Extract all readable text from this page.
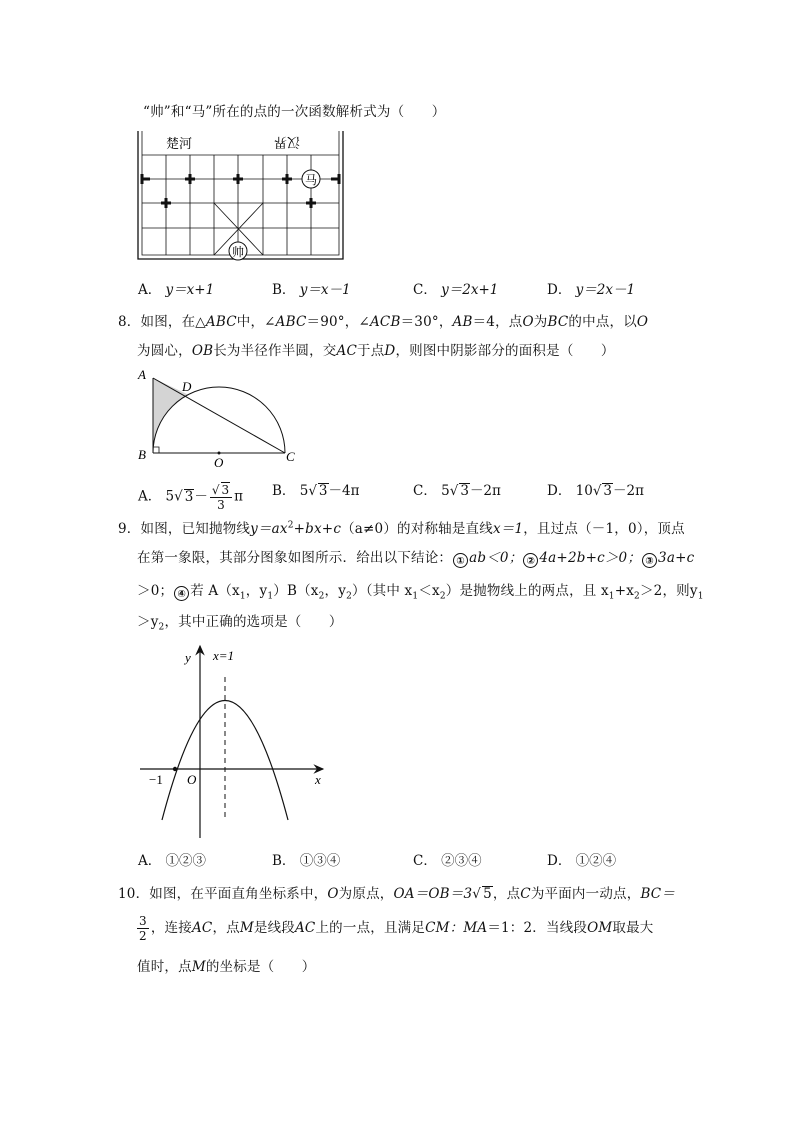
“帅”和“马”所在的点的一次函数解析式为（　　）
楚河	汉界
马
帅
A． y＝x+1	B． y＝x－1	C． y＝2x+1	D． y＝2x－1
8．如图，在△ABC中，∠ABC＝90°，∠ACB＝30°，AB＝4，点O为BC的中点，以O
为圆心，OB长为半径作半圆，交AC于点D，则图中阴影部分的面积是（　　）
A
D
B	C
O
A． 5√ $3- \frac{√ 3}{3}$ π B． 5√ 3－4π	C． 5√ 3－2π	D． 10√ 3－2π
9．如图，已知抛物线$y=ax^2+bx+c(a\ne 0)$的对称轴是直线x＝1，且过点（－1，0），顶点
在第一象限，其部分图象如图所示．给出以下结论： ① ab＜0； ② 4a+2b+c＞0； ③ 3a+c
＞0； ④ 若 $A(x_1$，$y_1)B(x_2$，$y_2$）（其中 $x_1<x_2$）是抛物线上的两点，且 $x_1+x_2>2$，则$y_1$
$>y_2$，其中正确的选项是（　　）
y x=1
x
O
−1
A． ①②③	B． ①③④	C． ②③④	D． ①②④
10．如图，在平面直角坐标系中，O为原点，OA＝OB＝3√ 5，点C为平面内一动点，BC＝
$\frac{3}{2}$ ，连接AC，点M是线段AC上的一点，且满足CM：MA＝1：2．当线段OM取最大
值时，点M的坐标是（　　）
